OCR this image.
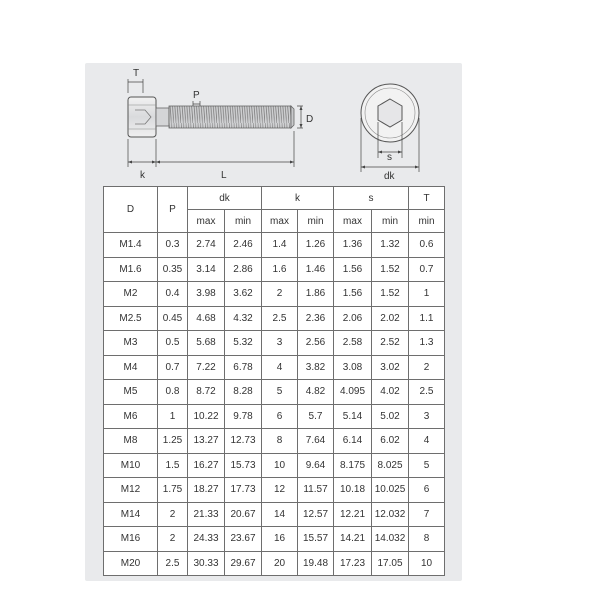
T
P
D
k	L
s
dk
D	P	dk		k		s		T
		max	min	max	min	max	min	min
M1.4	0.3	2.74	2.46	1.4	1.26	1.36	1.32	0.6
M1.6	0.35	3.14	2.86	1.6	1.46	1.56	1.52	0.7
M2	0.4	3.98	3.62	2	1.86	1.56	1.52	1
M2.5	0.45	4.68	4.32	2.5	2.36	2.06	2.02	1.1
M3	0.5	5.68	5.32	3	2.56	2.58	2.52	1.3
M4	0.7	7.22	6.78	4	3.82	3.08	3.02	2
M5	0.8	8.72	8.28	5	4.82	4.095	4.02	2.5
M6	1	10.22	9.78	6	5.7	5.14	5.02	3
M8	1.25	13.27	12.73	8	7.64	6.14	6.02	4
M10	1.5	16.27	15.73	10	9.64	8.175	8.025	5
M12	1.75	18.27	17.73	12	11.57	10.18	10.025	6
M14	2	21.33	20.67	14	12.57	12.21	12.032	7
M16	2	24.33	23.67	16	15.57	14.21	14.032	8
M20	2.5	30.33	29.67	20	19.48	17.23	17.05	10
